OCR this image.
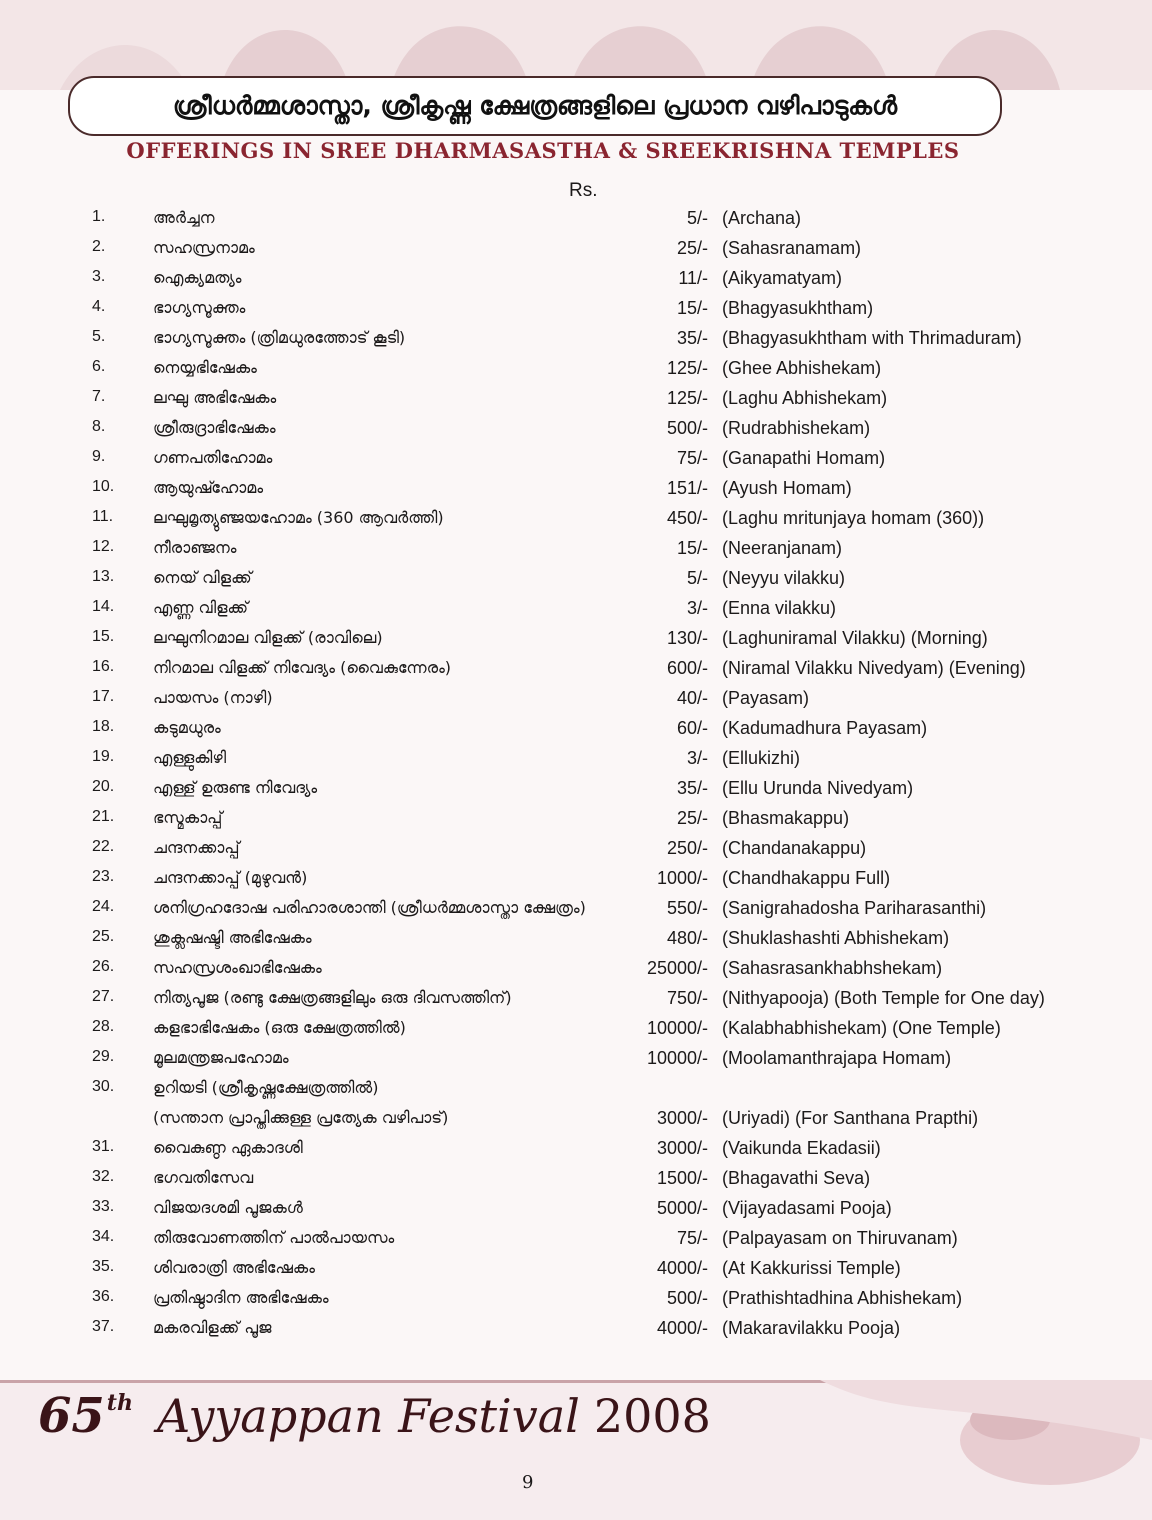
ശ്രീധർമ്മശാസ്താ, ശ്രീകൃഷ്ണ ക്ഷേത്രങ്ങളിലെ പ്രധാന വഴിപാടുകൾ
OFFERINGS IN SREE DHARMASASTHA & SREEKRISHNA TEMPLES
Rs.
1.	അർച്ചന	5/- (Archana)
2.	സഹസ്രനാമം	25/- (Sahasranamam)
3.	ഐക്യമത്യം	11/- (Aikyamatyam)
4.	ഭാഗ്യസൂക്തം	15/- (Bhagyasukhtham)
5.	ഭാഗ്യസൂക്തം (ത്രിമധുരത്തോട് കൂടി)	35/- (Bhagyasukhtham with Thrimaduram)
6.	നെയ്യഭിഷേകം	125/- (Ghee Abhishekam)
7.	ലഘു അഭിഷേകം	125/- (Laghu Abhishekam)
8.	ശ്രീരുദ്രാഭിഷേകം	500/- (Rudrabhishekam)
9.	ഗണപതിഹോമം	75/- (Ganapathi Homam)
10. ആയുഷ്ഹോമം	151/- (Ayush Homam)
11. ലഘുമൃത്യുഞ്ജയഹോമം (360 ആവർത്തി)	450/- (Laghu mritunjaya homam (360))
12. നീരാഞ്ജനം	15/- (Neeranjanam)
13. നെയ് വിളക്ക്	5/- (Neyyu vilakku)
14. എണ്ണ വിളക്ക്	3/- (Enna vilakku)
15. ലഘുനിറമാല വിളക്ക് (രാവിലെ)	130/- (Laghuniramal Vilakku) (Morning)
16. നിറമാല വിളക്ക് നിവേദ്യം (വൈകുന്നേരം)	600/- (Niramal Vilakku Nivedyam) (Evening)
17. പായസം (നാഴി)	40/- (Payasam)
18. കടുമധുരം	60/- (Kadumadhura Payasam)
19. എള്ളുകിഴി	3/- (Ellukizhi)
20. എള്ള് ഉരുണ്ട നിവേദ്യം	35/- (Ellu Urunda Nivedyam)
21. ഭസ്മകാപ്പ്	25/- (Bhasmakappu)
22. ചന്ദനക്കാപ്പ്	250/- (Chandanakappu)
23. ചന്ദനക്കാപ്പ് (മുഴുവൻ)	1000/- (Chandhakappu Full)
24. ശനിഗ്രഹദോഷ പരിഹാരശാന്തി (ശ്രീധർമ്മശാസ്താ ക്ഷേത്രം)	550/- (Sanigrahadosha Pariharasanthi)
25. ശുക്ലഷഷ്ടി അഭിഷേകം	480/- (Shuklashashti Abhishekam)
26. സഹസ്രശംഖാഭിഷേകം	25000/- (Sahasrasankhabhshekam)
27. നിത്യപൂജ (രണ്ടു ക്ഷേത്രങ്ങളിലും ഒരു ദിവസത്തിന്)	750/- (Nithyapooja) (Both Temple for One day)
28. കളഭാഭിഷേകം (ഒരു ക്ഷേത്രത്തിൽ)	10000/- (Kalabhabhishekam) (One Temple)
29. മൂലമന്ത്രജപഹോമം	10000/- (Moolamanthrajapa Homam)
30. ഉറിയടി (ശ്രീകൃഷ്ണക്ഷേത്രത്തിൽ)
(സന്താന പ്രാപ്തിക്കുള്ള പ്രത്യേക വഴിപാട്)	3000/- (Uriyadi) (For Santhana Prapthi)
31. വൈകുണ്ഠ ഏകാദശി	3000/- (Vaikunda Ekadasii)
32. ഭഗവതിസേവ	1500/- (Bhagavathi Seva)
33. വിജയദശമി പൂജകൾ	5000/- (Vijayadasami Pooja)
34. തിരുവോണത്തിന് പാൽപായസം	75/- (Palpayasam on Thiruvanam)
35. ശിവരാത്രി അഭിഷേകം	4000/- (At Kakkurissi Temple)
36. പ്രതിഷ്ഠാദിന അഭിഷേകം	500/- (Prathishtadhina Abhishekam)
37. മകരവിളക്ക് പൂജ	4000/- (Makaravilakku Pooja)
65 th Ayyappan Festival 2008
9
